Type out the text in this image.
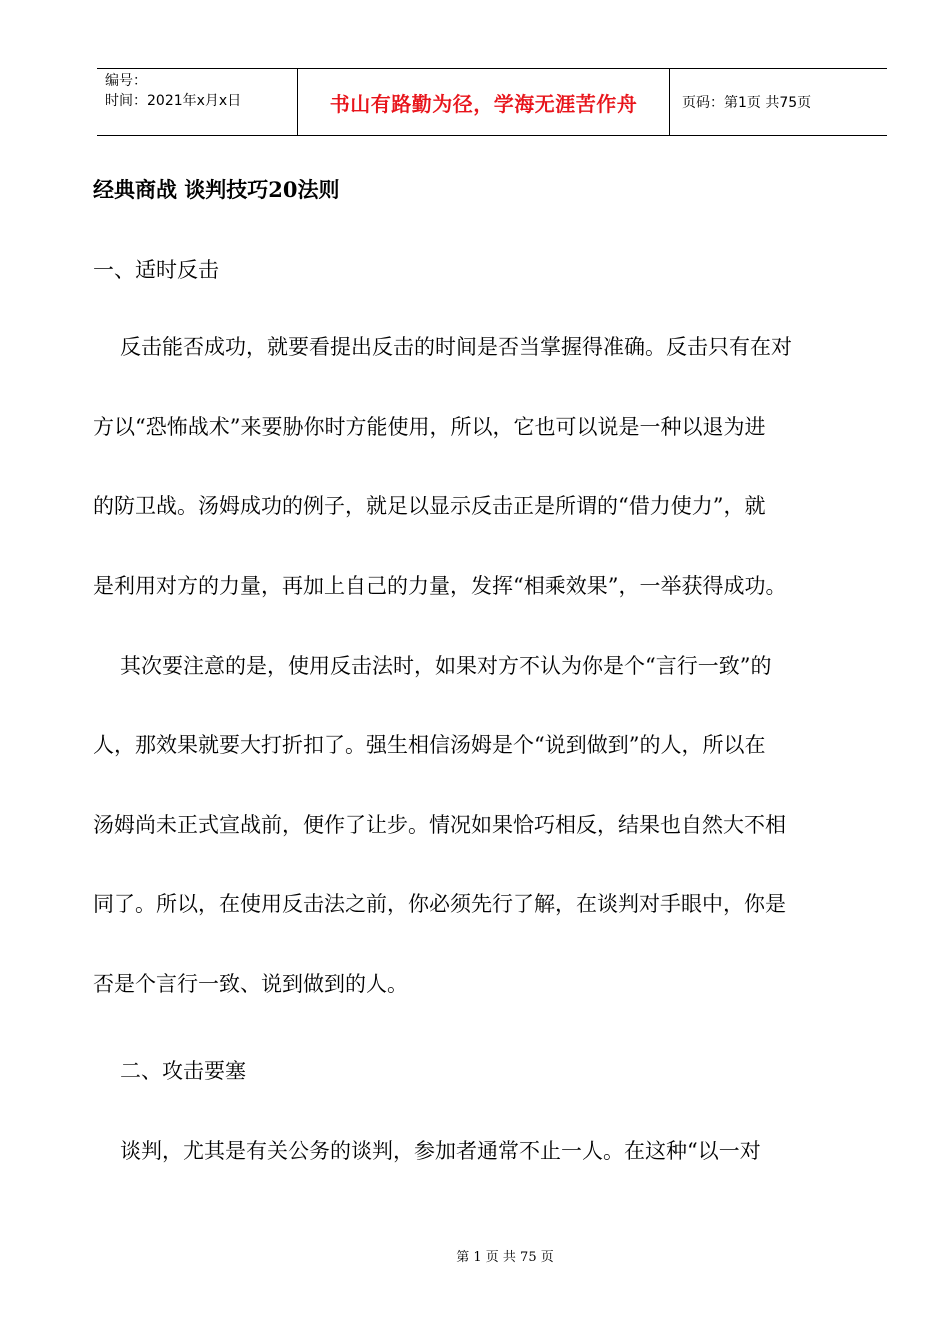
编号：
时间：2021年x月x日	书山有路勤为径，学海无涯苦作舟	页码：第1页 共75页
经典商战 谈判技巧20法则

一、适时反击

反击能否成功，就要看提出反击的时间是否当掌握得准确。反击只有在对

方以“恐怖战术”来要胁你时方能使用，所以，它也可以说是一种以退为进

的防卫战。汤姆成功的例子，就足以显示反击正是所谓的“借力使力”，就

是利用对方的力量，再加上自己的力量，发挥“相乘效果”，一举获得成功。

其次要注意的是，使用反击法时，如果对方不认为你是个“言行一致”的

人，那效果就要大打折扣了。强生相信汤姆是个“说到做到”的人，所以在

汤姆尚未正式宣战前，便作了让步。情况如果恰巧相反，结果也自然大不相

同了。所以，在使用反击法之前，你必须先行了解，在谈判对手眼中，你是

否是个言行一致、说到做到的人。

二、攻击要塞

谈判，尤其是有关公务的谈判，参加者通常不止一人。在这种“以一对

第 1 页 共 75 页
